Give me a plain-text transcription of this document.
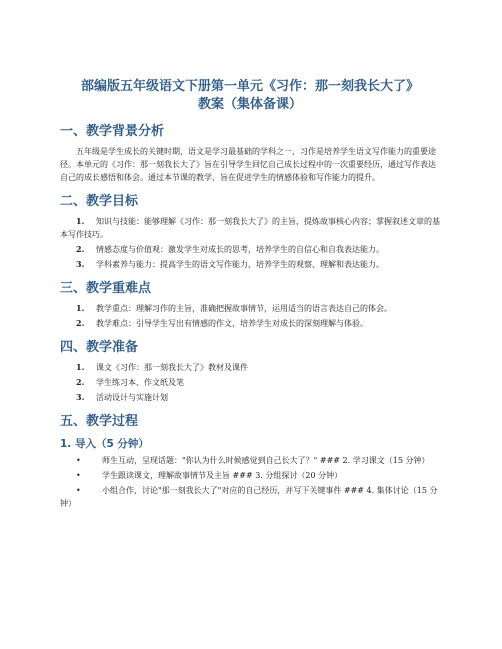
部编版五年级语文下册第一单元《习作：那一刻我长大了》
教案（集体备课）
一、教学背景分析

五年级是学生成长的关键时期，语文是学习最基础的学科之一，习作是培养学生语文写作能力的重要途径。本单元的《习作：那一刻我长大了》旨在引导学生回忆自己成长过程中的一次重要经历，通过写作表达自己的成长感悟和体会。通过本节课的教学，旨在促进学生的情感体验和写作能力的提升。

二、教学目标
1. 知识与技能：能够理解《习作：那一刻我长大了》的主旨，提炼故事核心内容；掌握叙述文章的基本写作技巧。
2. 情感态度与价值观：激发学生对成长的思考，培养学生的自信心和自我表达能力。
3. 学科素养与能力：提高学生的语文写作能力，培养学生的观察、理解和表达能力。
三、教学重难点
1. 教学重点：理解习作的主旨，准确把握故事情节，运用适当的语言表达自己的体会。
2. 教学难点：引导学生写出有情感的作文，培养学生对成长的深刻理解与体验。
四、教学准备
1. 课文《习作：那一刻我长大了》教材及课件
2. 学生练习本、作文纸及笔
3. 活动设计与实施计划
五、教学过程
1. 导入（5 分钟）
•	师生互动，呈现话题："你认为什么时候感觉到自己长大了？" ### 2. 学习课文（15 分钟）
•	学生跟读课文，理解故事情节及主旨 ### 3. 分组探讨（20 分钟）
•	小组合作，讨论"那一刻我长大了"对应的自己经历，并写下关键事件 ### 4. 集体讨论（15 分钟）
